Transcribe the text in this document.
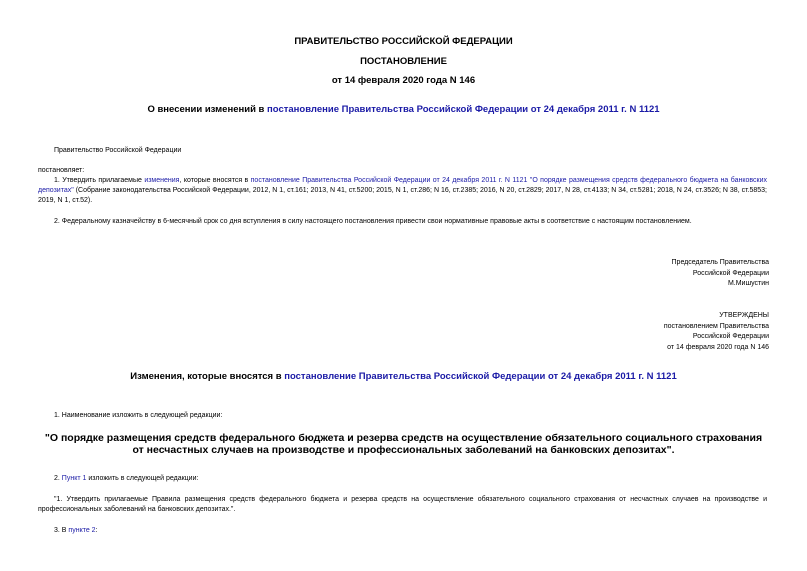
ПРАВИТЕЛЬСТВО РОССИЙСКОЙ ФЕДЕРАЦИИ
ПОСТАНОВЛЕНИЕ
от 14 февраля 2020 года N 146
О внесении изменений в постановление Правительства Российской Федерации от 24 декабря 2011 г. N 1121
Правительство Российской Федерации
постановляет:
1. Утвердить прилагаемые изменения, которые вносятся в постановление Правительства Российской Федерации от 24 декабря 2011 г. N 1121 "О порядке размещения средств федерального бюджета на банковских депозитах" (Собрание законодательства Российской Федерации, 2012, N 1, ст.161; 2013, N 41, ст.5200; 2015, N 1, ст.286; N 16, ст.2385; 2016, N 20, ст.2829; 2017, N 28, ст.4133; N 34, ст.5281; 2018, N 24, ст.3526; N 38, ст.5853; 2019, N 1, ст.52).
2. Федеральному казначейству в 6-месячный срок со дня вступления в силу настоящего постановления привести свои нормативные правовые акты в соответствие с настоящим постановлением.
Председатель Правительства
Российской Федерации
М.Мишустин
УТВЕРЖДЕНЫ
постановлением Правительства
Российской Федерации
от 14 февраля 2020 года N 146
Изменения, которые вносятся в постановление Правительства Российской Федерации от 24 декабря 2011 г. N 1121
1. Наименование изложить в следующей редакции:
"О порядке размещения средств федерального бюджета и резерва средств на осуществление обязательного социального страхования от несчастных случаев на производстве и профессиональных заболеваний на банковских депозитах".
2. Пункт 1 изложить в следующей редакции:
"1. Утвердить прилагаемые Правила размещения средств федерального бюджета и резерва средств на осуществление обязательного социального страхования от несчастных случаев на производстве и профессиональных заболеваний на банковских депозитах.".
3. В пункте 2:
